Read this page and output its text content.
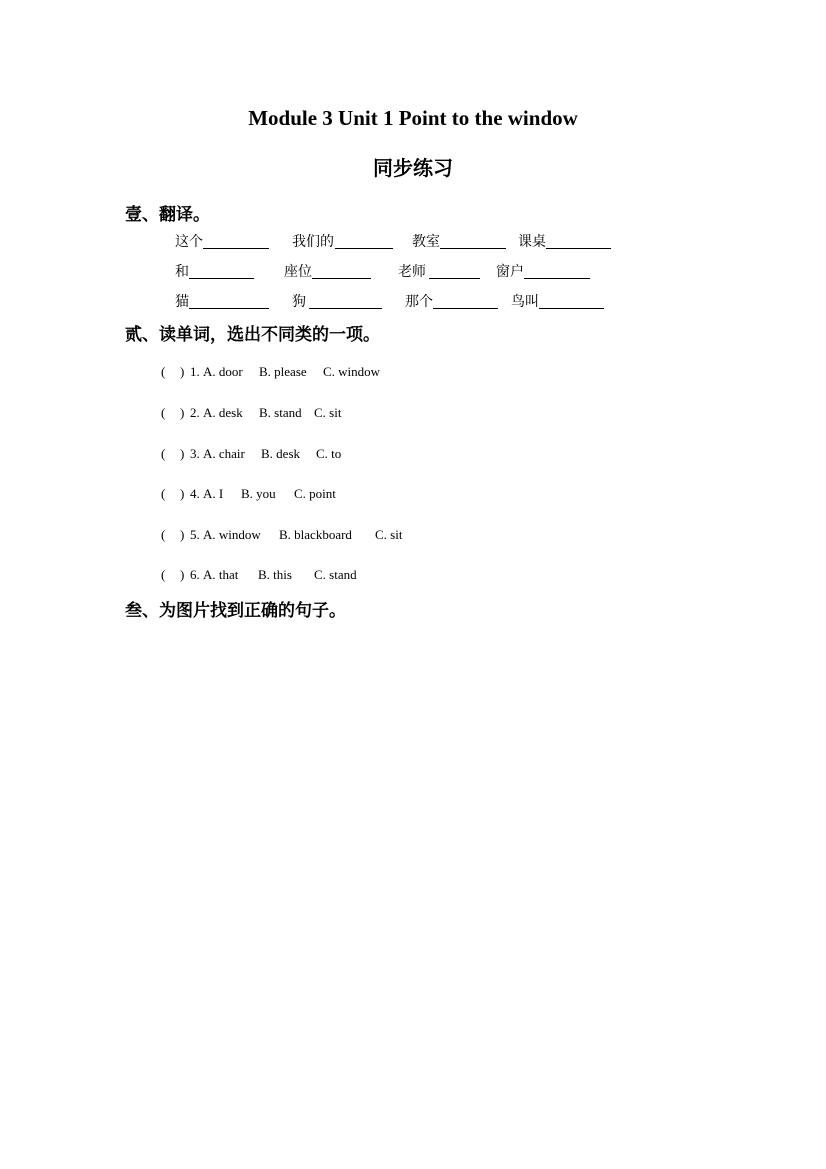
Module 3 Unit 1 Point to the window
同步练习
壹、翻译。
这个	我们的	教室	课桌
和	座位	老师	窗户
猫	狗	那个	鸟叫
贰、读单词，选出不同类的一项。
( ) 1. A. door B. please C. window
( ) 2. A. desk B. stand C. sit
( ) 3. A. chair B. desk C. to
( ) 4. A. I B. you C. point
( ) 5. A. window B. blackboard C. sit
( ) 6. A. that B. this C. stand
叁、为图片找到正确的句子。
